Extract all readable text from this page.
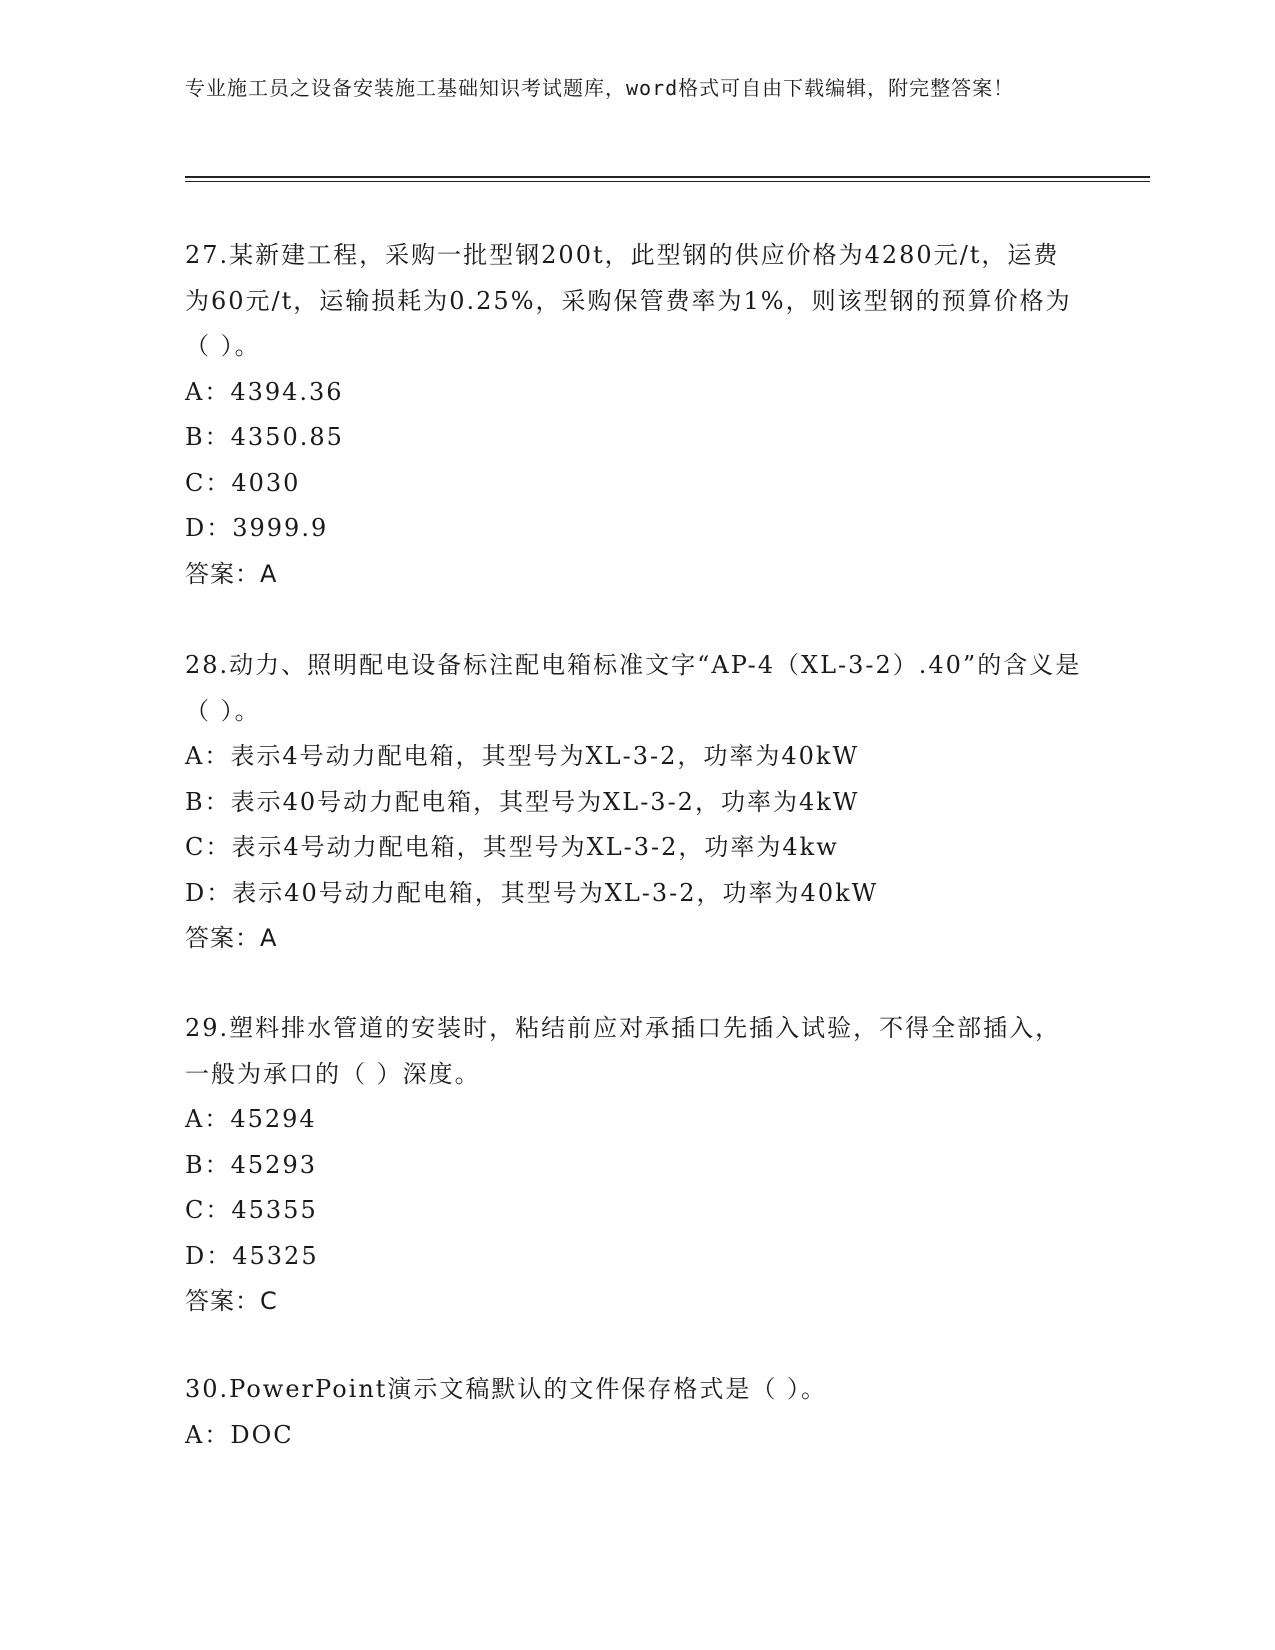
专业施工员之设备安装施工基础知识考试题库，word格式可自由下载编辑，附完整答案！

27.某新建工程，采购一批型钢200t，此型钢的供应价格为4280元/t，运费为60元/t，运输损耗为0.25%，采购保管费率为1%，则该型钢的预算价格为（ ）。

A：4394.36

B：4350.85

C：4030

D：3999.9

答案：A

28.动力、照明配电设备标注配电箱标准文字“AP-4（XL-3-2）.40”的含义是（ ）。

A：表示4号动力配电箱，其型号为XL-3-2，功率为40kW

B：表示40号动力配电箱，其型号为XL-3-2，功率为4kW

C：表示4号动力配电箱，其型号为XL-3-2，功率为4kw

D：表示40号动力配电箱，其型号为XL-3-2，功率为40kW

答案：A

29.塑料排水管道的安装时，粘结前应对承插口先插入试验，不得全部插入，一般为承口的（ ）深度。

A：45294

B：45293

C：45355

D：45325

答案：C

30.PowerPoint演示文稿默认的文件保存格式是（ ）。

A：DOC
